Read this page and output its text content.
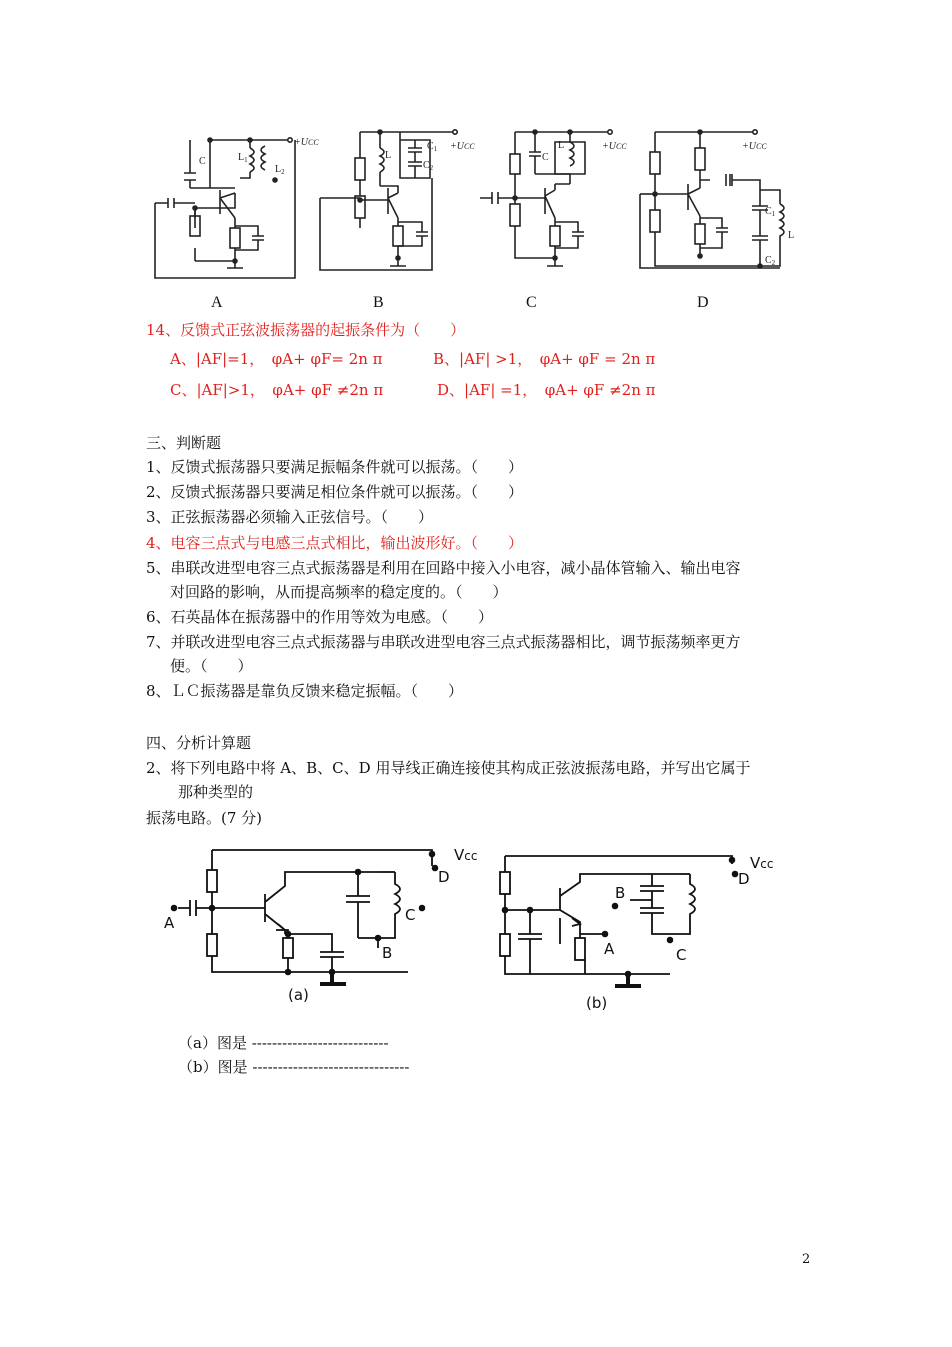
+UCC
C	$L_1$
$L_2$
L
$C_1$
$C_2$
+UCC
C
L	+UCC	+UCC
$C_1$
L
$C_2$
A	B	C	D
14、反馈式正弦波振荡器的起振条件为（　　）
A、|AF|=1，　φA+ φF= 2n π	B、|AF| >1，　φA+ φF = 2n π
C、|AF|>1，　φA+ φF ≠2n π	D、|AF| =1，　φA+ φF ≠2n π
三、判断题
1、反馈式振荡器只要满足振幅条件就可以振荡。（　　）
2、反馈式振荡器只要满足相位条件就可以振荡。（　　）
3、正弦振荡器必须输入正弦信号。（　　）
4、电容三点式与电感三点式相比，输出波形好。（　　）
5、串联改进型电容三点式振荡器是利用在回路中接入小电容，减小晶体管输入、输出电容
对回路的影响，从而提高频率的稳定度的。（　　）
6、石英晶体在振荡器中的作用等效为电感。（　　）
7、并联改进型电容三点式振荡器与串联改进型电容三点式振荡器相比，调节振荡频率更方
便。（　　）
8、ＬＣ振荡器是靠负反馈来稳定振幅。（　　）
四、分析计算题
2、将下列电路中将 A、B、C、D 用导线正确连接使其构成正弦波振荡电路，并写出它属于
那种类型的
振荡电路。(7 分)
Vcc
D
A	C
B
(a)
Vcc
D
B
A	C
(b)
（a）图是 ---------------------------
（b）图是 -------------------------------
2
